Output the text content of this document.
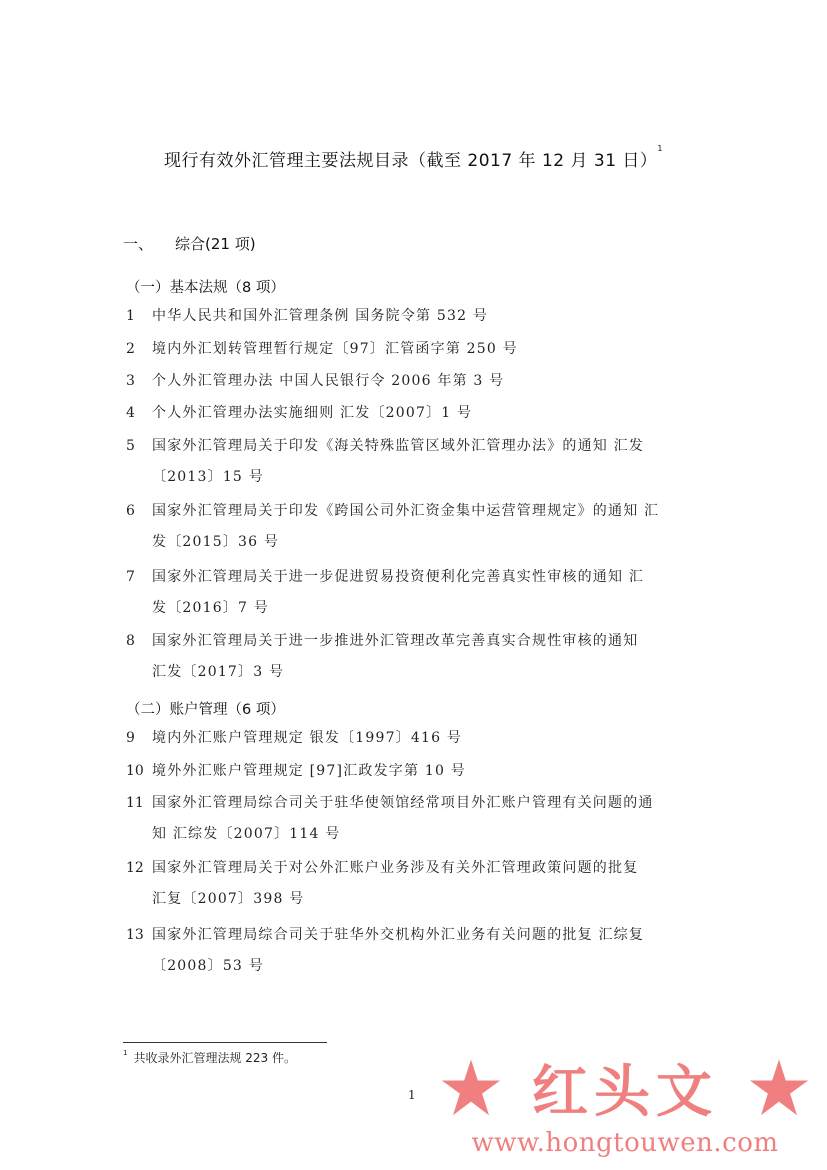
现行有效外汇管理主要法规目录（截至 2017 年 12 月 31 日）$^1$
一、 综合(21 项)
（一）基本法规（8 项）
1	中华人民共和国外汇管理条例 国务院令第 532 号
2	境内外汇划转管理暂行规定〔97〕汇管函字第 250 号
3	个人外汇管理办法 中国人民银行令 2006 年第 3 号
4	个人外汇管理办法实施细则 汇发〔2007〕1 号
5	国家外汇管理局关于印发《海关特殊监管区域外汇管理办法》的通知 汇发
〔2013〕15 号
6	国家外汇管理局关于印发《跨国公司外汇资金集中运营管理规定》的通知 汇
发〔2015〕36 号
7	国家外汇管理局关于进一步促进贸易投资便利化完善真实性审核的通知 汇
发〔2016〕7 号
8	国家外汇管理局关于进一步推进外汇管理改革完善真实合规性审核的通知
汇发〔2017〕3 号
（二）账户管理（6 项）
9	境内外汇账户管理规定 银发〔1997〕416 号
10 境外外汇账户管理规定 [97]汇政发字第 10 号
11 国家外汇管理局综合司关于驻华使领馆经常项目外汇账户管理有关问题的通
知 汇综发〔2007〕114 号
12 国家外汇管理局关于对公外汇账户业务涉及有关外汇管理政策问题的批复
汇复〔2007〕398 号
13 国家外汇管理局综合司关于驻华外交机构外汇业务有关问题的批复 汇综复
〔2008〕53 号
$^1$ 共收录外汇管理法规 223 件。
1 红头文
www.hongtouwen.com
